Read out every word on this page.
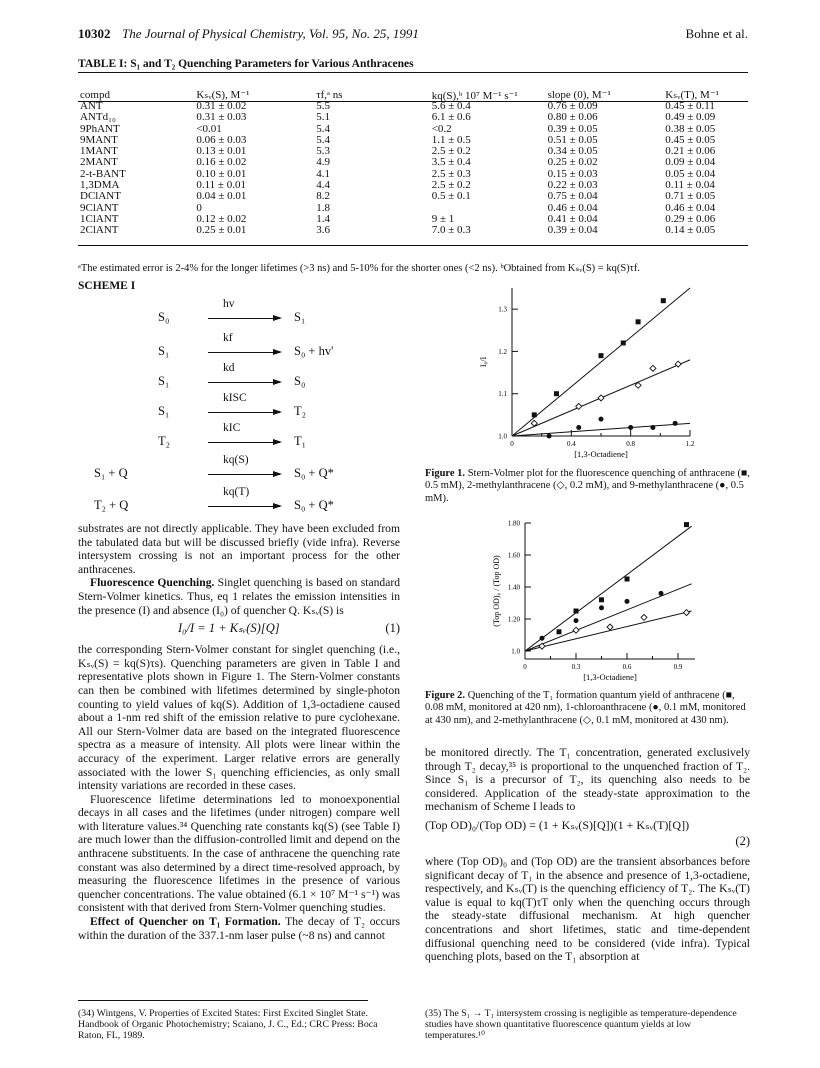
10302 The Journal of Physical Chemistry, Vol. 95, No. 25, 1991	Bohne et al.
TABLE I: S₁ and T₂ Quenching Parameters for Various Anthracenes
compd	Kₛᵥ(S), M⁻¹	τf,ᵃ ns	kq(S),ᵇ 10⁷ M⁻¹ s⁻¹	slope (0), M⁻¹	Kₛᵥ(T), M⁻¹
ANT	0.31 ± 0.02	5.5	5.6 ± 0.4	0.76 ± 0.09	0.45 ± 0.11
ANTd₁₀	0.31 ± 0.03	5.1	6.1 ± 0.6	0.80 ± 0.06	0.49 ± 0.09
9PhANT	<0.01	5.4	<0.2	0.39 ± 0.05	0.38 ± 0.05
9MANT	0.06 ± 0.03	5.4	1.1 ± 0.5	0.51 ± 0.05	0.45 ± 0.05
1MANT	0.13 ± 0.01	5.3	2.5 ± 0.2	0.34 ± 0.05	0.21 ± 0.06
2MANT	0.16 ± 0.02	4.9	3.5 ± 0.4	0.25 ± 0.02	0.09 ± 0.04
2-t-BANT	0.10 ± 0.01	4.1	2.5 ± 0.3	0.15 ± 0.03	0.05 ± 0.04
1,3DMA	0.11 ± 0.01	4.4	2.5 ± 0.2	0.22 ± 0.03	0.11 ± 0.04
DClANT	0.04 ± 0.01	8.2	0.5 ± 0.1	0.75 ± 0.04	0.71 ± 0.05
9ClANT	0	1.8		0.46 ± 0.04	0.46 ± 0.04
1ClANT	0.12 ± 0.02	1.4	9 ± 1	0.41 ± 0.04	0.29 ± 0.06
2ClANT	0.25 ± 0.01	3.6	7.0 ± 0.3	0.39 ± 0.04	0.14 ± 0.05
ᵃThe estimated error is 2-4% for the longer lifetimes (>3 ns) and 5-10% for the shorter ones (<2 ns). ᵇObtained from Kₛᵥ(S) = kq(S)τf.
SCHEME I
S₀
hv
S₁
S₁
kf
S₀ + hv'
S₁
kd
S₀
S₁
kISC
T₂
T₂
kIC
T₁
S₁ + Q
kq(S)
S₀ + Q*
T₂ + Q
kq(T)
S₀ + Q*
substrates are not directly applicable. They have been excluded from the tabulated data but will be discussed briefly (vide infra). Reverse intersystem crossing is not an important process for the other anthracenes.
Fluorescence Quenching. Singlet quenching is based on standard Stern-Volmer kinetics. Thus, eq 1 relates the emission intensities in the presence (I) and absence (I₀) of quencher Q. Kₛᵥ(S) is
I₀/I = 1 + Kₛᵥ(S)[Q]	(1)
the corresponding Stern-Volmer constant for singlet quenching (i.e., Kₛᵥ(S) = kq(S)τs). Quenching parameters are given in Table I and representative plots shown in Figure 1. The Stern-Volmer constants can then be combined with lifetimes determined by single-photon counting to yield values of kq(S). Addition of 1,3-octadiene caused about a 1-nm red shift of the emission relative to pure cyclohexane. All our Stern-Volmer data are based on the integrated fluorescence spectra as a measure of intensity. All plots were linear within the accuracy of the experiment. Larger relative errors are generally associated with the lower S₁ quenching efficiencies, as only small intensity variations are recorded in these cases.
Fluorescence lifetime determinations led to monoexponential decays in all cases and the lifetimes (under nitrogen) compare well with literature values.³⁴ Quenching rate constants kq(S) (see Table I) are much lower than the diffusion-controlled limit and depend on the anthracene substituents. In the case of anthracene the quenching rate constant was also determined by a direct time-resolved approach, by measuring the fluorescence lifetimes in the presence of various quencher concentrations. The value obtained (6.1 × 10⁷ M⁻¹ s⁻¹) was consistent with that derived from Stern-Volmer quenching studies.
Effect of Quencher on T₁ Formation. The decay of T₂ occurs within the duration of the 337.1-nm laser pulse (~8 ns) and cannot
0	0.4	0.8	1.2
1.0
1.1
1.2
1.3
[1,3-Octadiene]
I₀/I
Figure 1. Stern-Volmer plot for the fluorescence quenching of anthracene (■, 0.5 mM), 2-methylanthracene (◇, 0.2 mM), and 9-methylanthracene (●, 0.5 mM).
0	0.3	0.6	0.9
1.0
1.20
1.40
1.60
1.80
[1,3-Octadiene]
(Top OD)₀ / (Top OD)
Figure 2. Quenching of the T₁ formation quantum yield of anthracene (■, 0.08 mM, monitored at 420 nm), 1-chloroanthracene (●, 0.1 mM, monitored at 430 nm), and 2-methylanthracene (◇, 0.1 mM, monitored at 430 nm).
be monitored directly. The T₁ concentration, generated exclusively through T₂ decay,³⁵ is proportional to the unquenched fraction of T₂. Since S₁ is a precursor of T₂, its quenching also needs to be considered. Application of the steady-state approximation to the mechanism of Scheme I leads to
(Top OD)₀/(Top OD) = (1 + Kₛᵥ(S)[Q])(1 + Kₛᵥ(T)[Q])
(2)
where (Top OD)₀ and (Top OD) are the transient absorbances before significant decay of T₁ in the absence and presence of 1,3-octadiene, respectively, and Kₛᵥ(T) is the quenching efficiency of T₂. The Kₛᵥ(T) value is equal to kq(T)τT only when the quenching occurs through the steady-state diffusional mechanism. At high quencher concentrations and short lifetimes, static and time-dependent diffusional quenching need to be considered (vide infra). Typical quenching plots, based on the T₁ absorption at
(34) Wintgens, V. Properties of Excited States: First Excited Singlet State. Handbook of Organic Photochemistry; Scaiano, J. C., Ed.; CRC Press: Boca Raton, FL, 1989.
(35) The S₁ → T₁ intersystem crossing is negligible as temperature-dependence studies have shown quantitative fluorescence quantum yields at low temperatures.¹⁰
